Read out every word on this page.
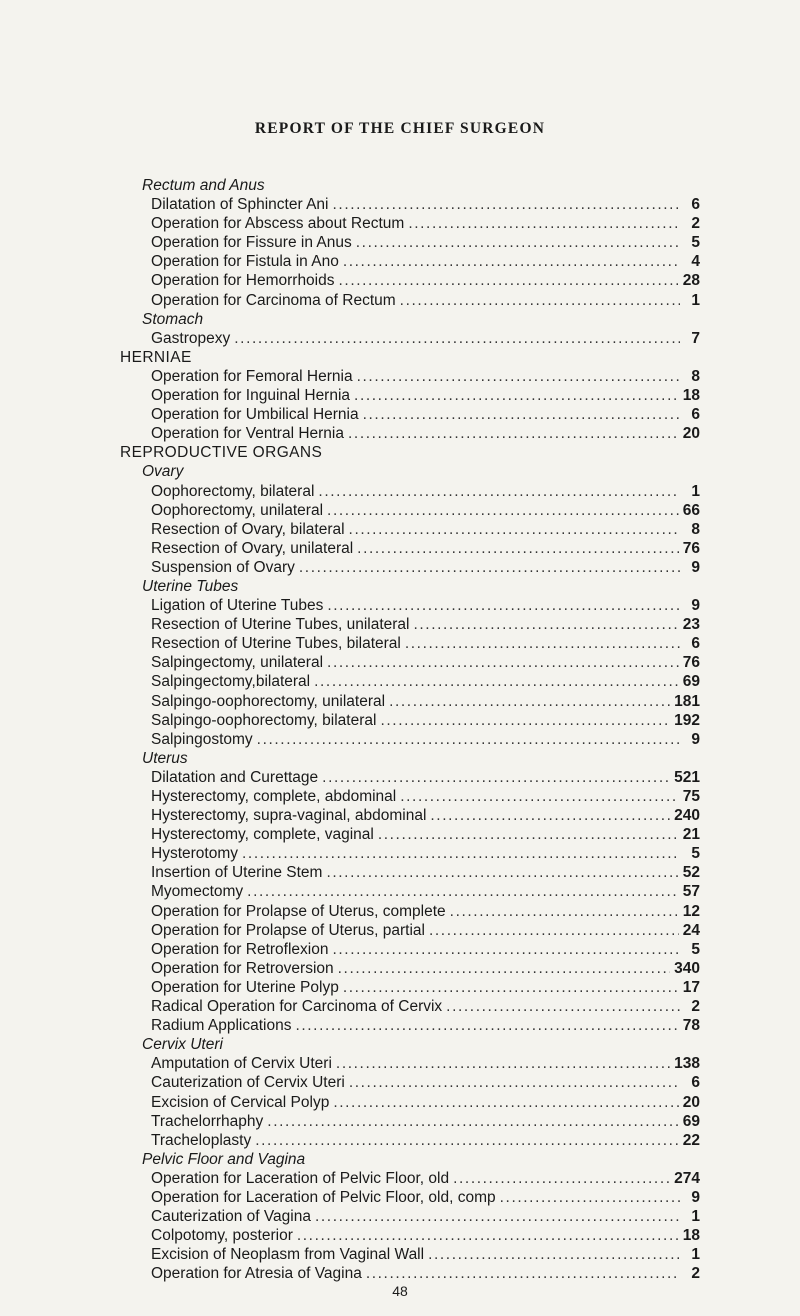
REPORT OF THE CHIEF SURGEON
Rectum and Anus
Dilatation of Sphincter Ani .....	6
Operation for Abscess about Rectum .....	2
Operation for Fissure in Anus .....	5
Operation for Fistula in Ano .....	4
Operation for Hemorrhoids .....	28
Operation for Carcinoma of Rectum .....	1
Stomach
Gastropexy .....	7
HERNIAE
Operation for Femoral Hernia .....	8
Operation for Inguinal Hernia .....	18
Operation for Umbilical Hernia .....	6
Operation for Ventral Hernia .....	20
REPRODUCTIVE ORGANS
Ovary
Oophorectomy, bilateral .....	1
Oophorectomy, unilateral .....	66
Resection of Ovary, bilateral .....	8
Resection of Ovary, unilateral .....	76
Suspension of Ovary .....	9
Uterine Tubes
Ligation of Uterine Tubes .....	9
Resection of Uterine Tubes, unilateral .....	23
Resection of Uterine Tubes, bilateral .....	6
Salpingectomy, unilateral .....	76
Salpingectomy,bilateral .....	69
Salpingo-oophorectomy, unilateral .....	181
Salpingo-oophorectomy, bilateral .....	192
Salpingostomy .....	9
Uterus
Dilatation and Curettage .....	521
Hysterectomy, complete, abdominal .....	75
Hysterectomy, supra-vaginal, abdominal .....	240
Hysterectomy, complete, vaginal .....	21
Hysterotomy .....	5
Insertion of Uterine Stem .....	52
Myomectomy .....	57
Operation for Prolapse of Uterus, complete .....	12
Operation for Prolapse of Uterus, partial .....	24
Operation for Retroflexion .....	5
Operation for Retroversion .....	340
Operation for Uterine Polyp .....	17
Radical Operation for Carcinoma of Cervix .....	2
Radium Applications .....	78
Cervix Uteri
Amputation of Cervix Uteri .....	138
Cauterization of Cervix Uteri .....	6
Excision of Cervical Polyp .....	20
Trachelorrhaphy .....	69
Tracheloplasty .....	22
Pelvic Floor and Vagina
Operation for Laceration of Pelvic Floor, old .....	274
Operation for Laceration of Pelvic Floor, old, comp .....	9
Cauterization of Vagina .....	1
Colpotomy, posterior .....	18
Excision of Neoplasm from Vaginal Wall .....	1
Operation for Atresia of Vagina .....	2
48
